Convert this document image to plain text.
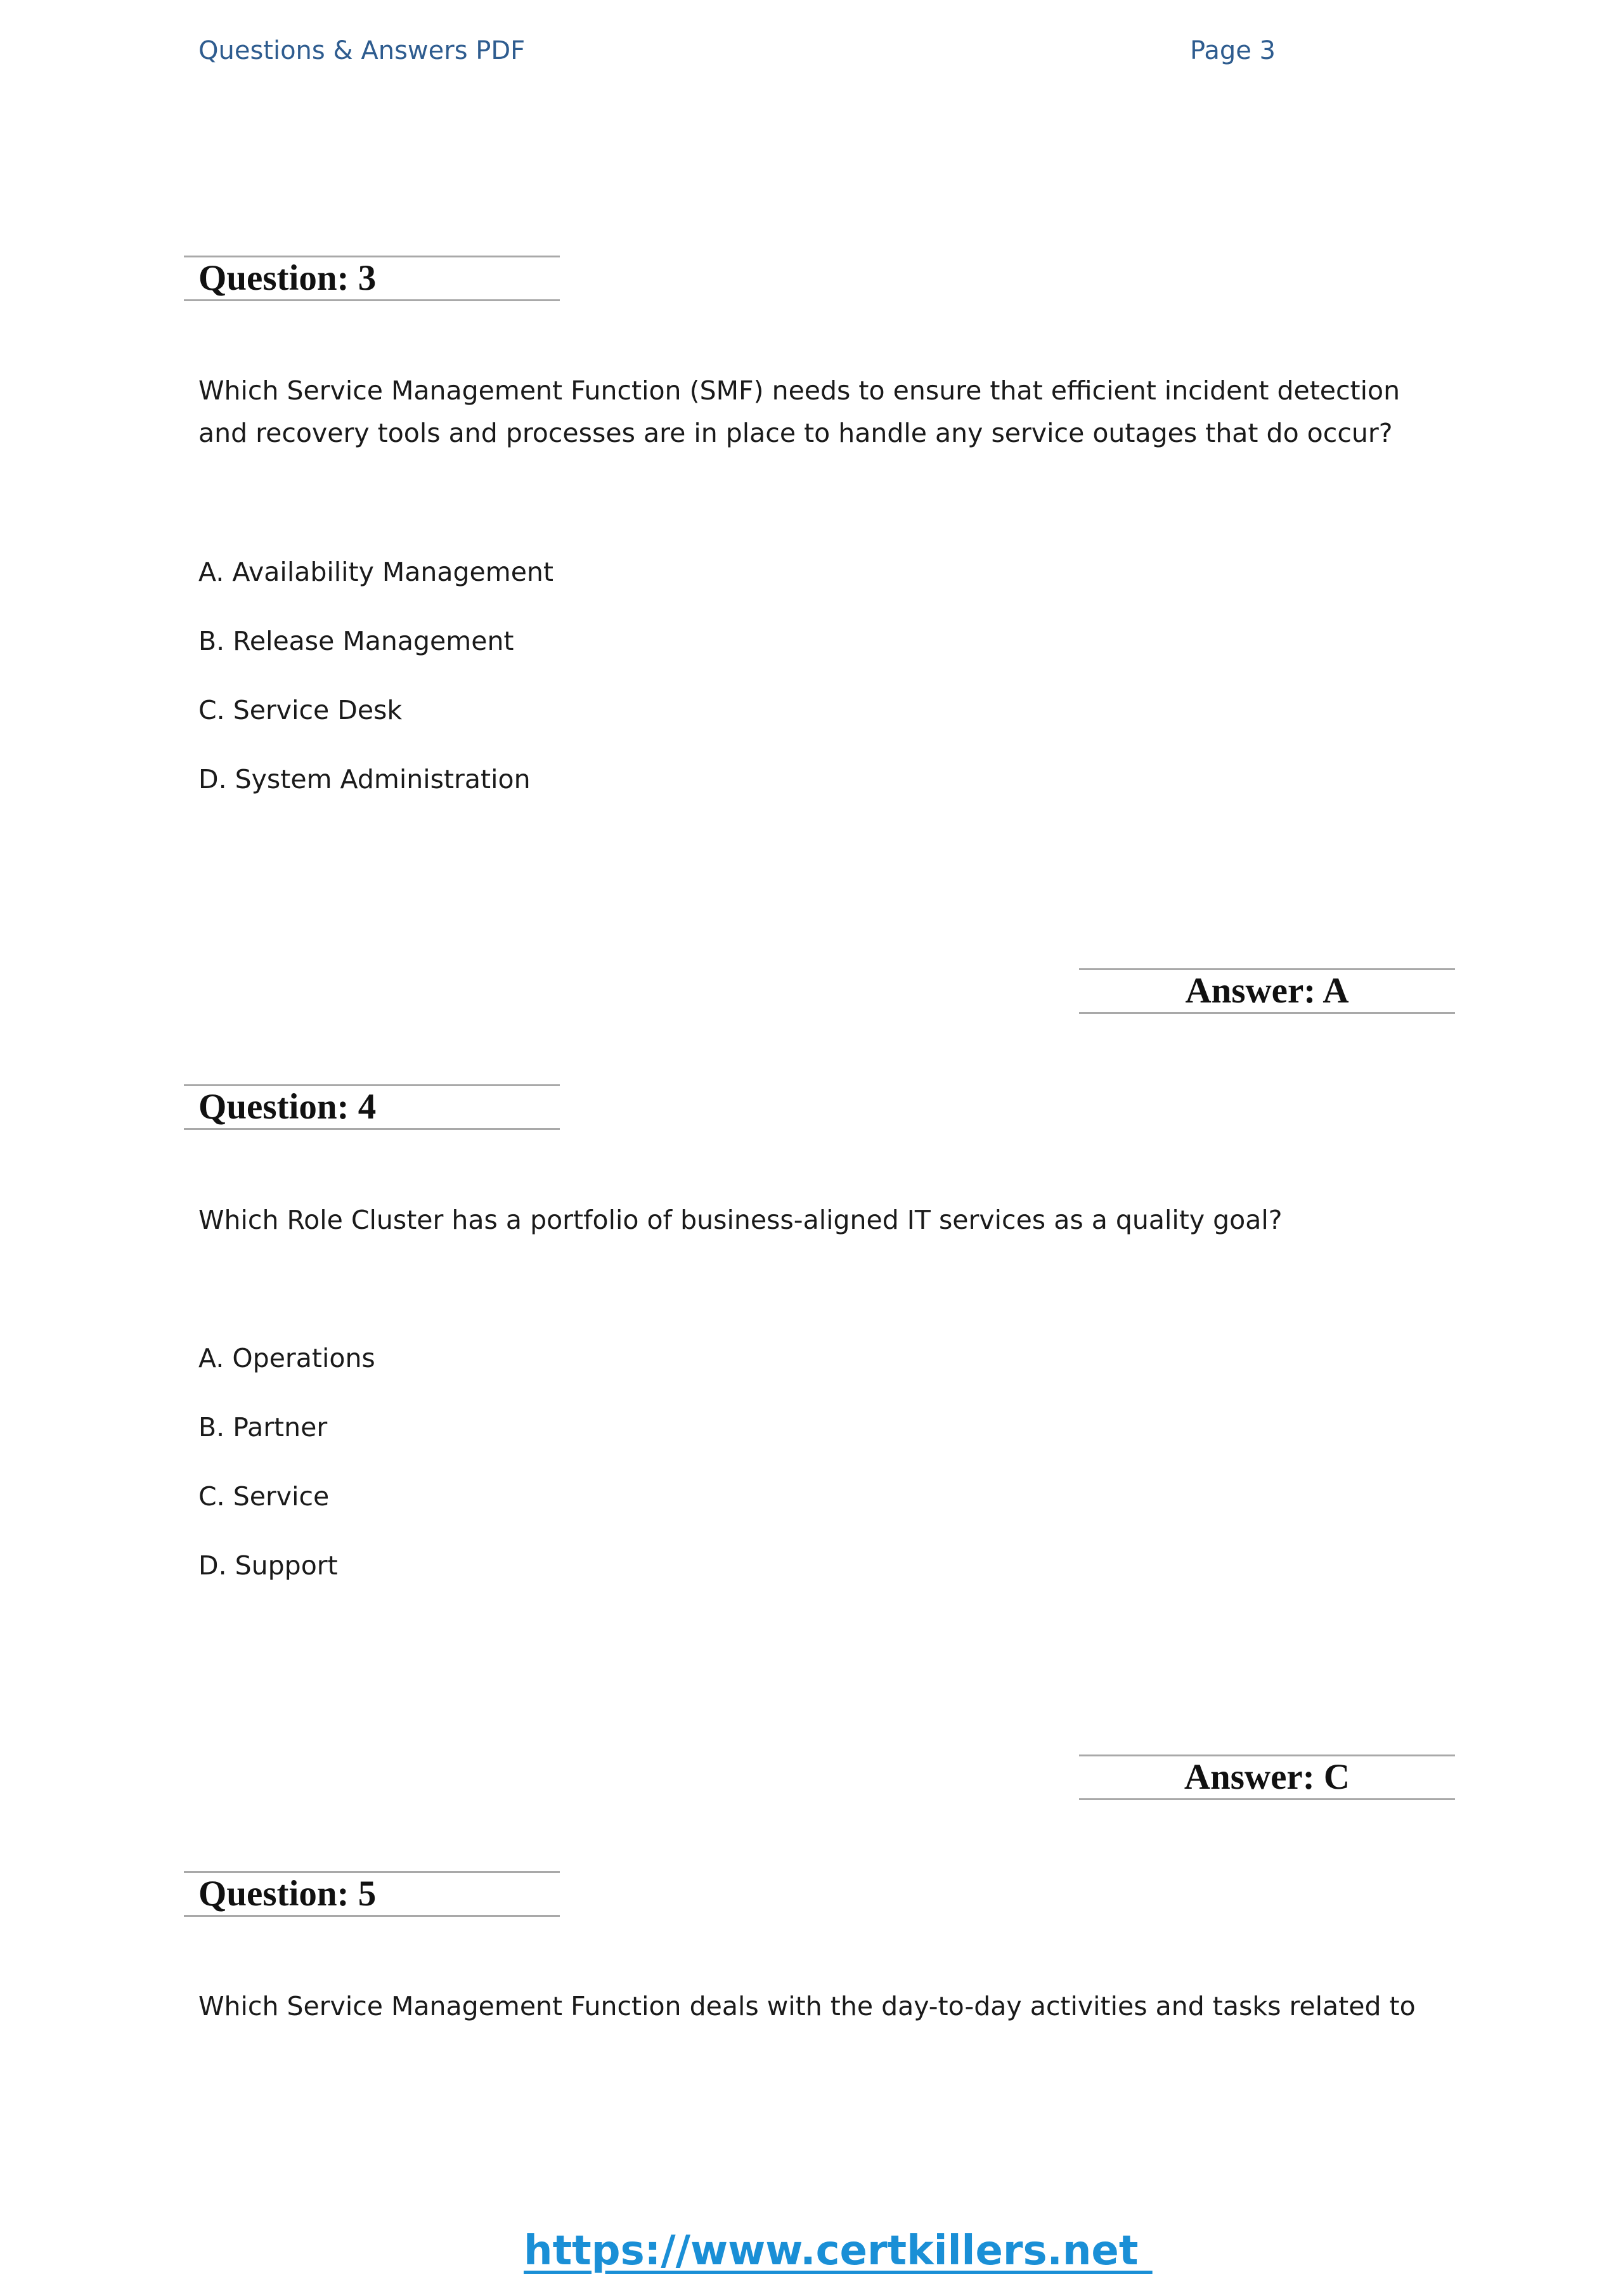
Questions & Answers PDF	Page 3
Question: 3
Which Service Management Function (SMF) needs to ensure that efficient incident detection and recovery tools and processes are in place to handle any service outages that do occur?
A. Availability Management
B. Release Management
C. Service Desk
D. System Administration
Answer: A
Question: 4
Which Role Cluster has a portfolio of business-aligned IT services as a quality goal?
A. Operations
B. Partner
C. Service
D. Support
Answer: C
Question: 5
Which Service Management Function deals with the day-to-day activities and tasks related to
https://www.certkillers.net
